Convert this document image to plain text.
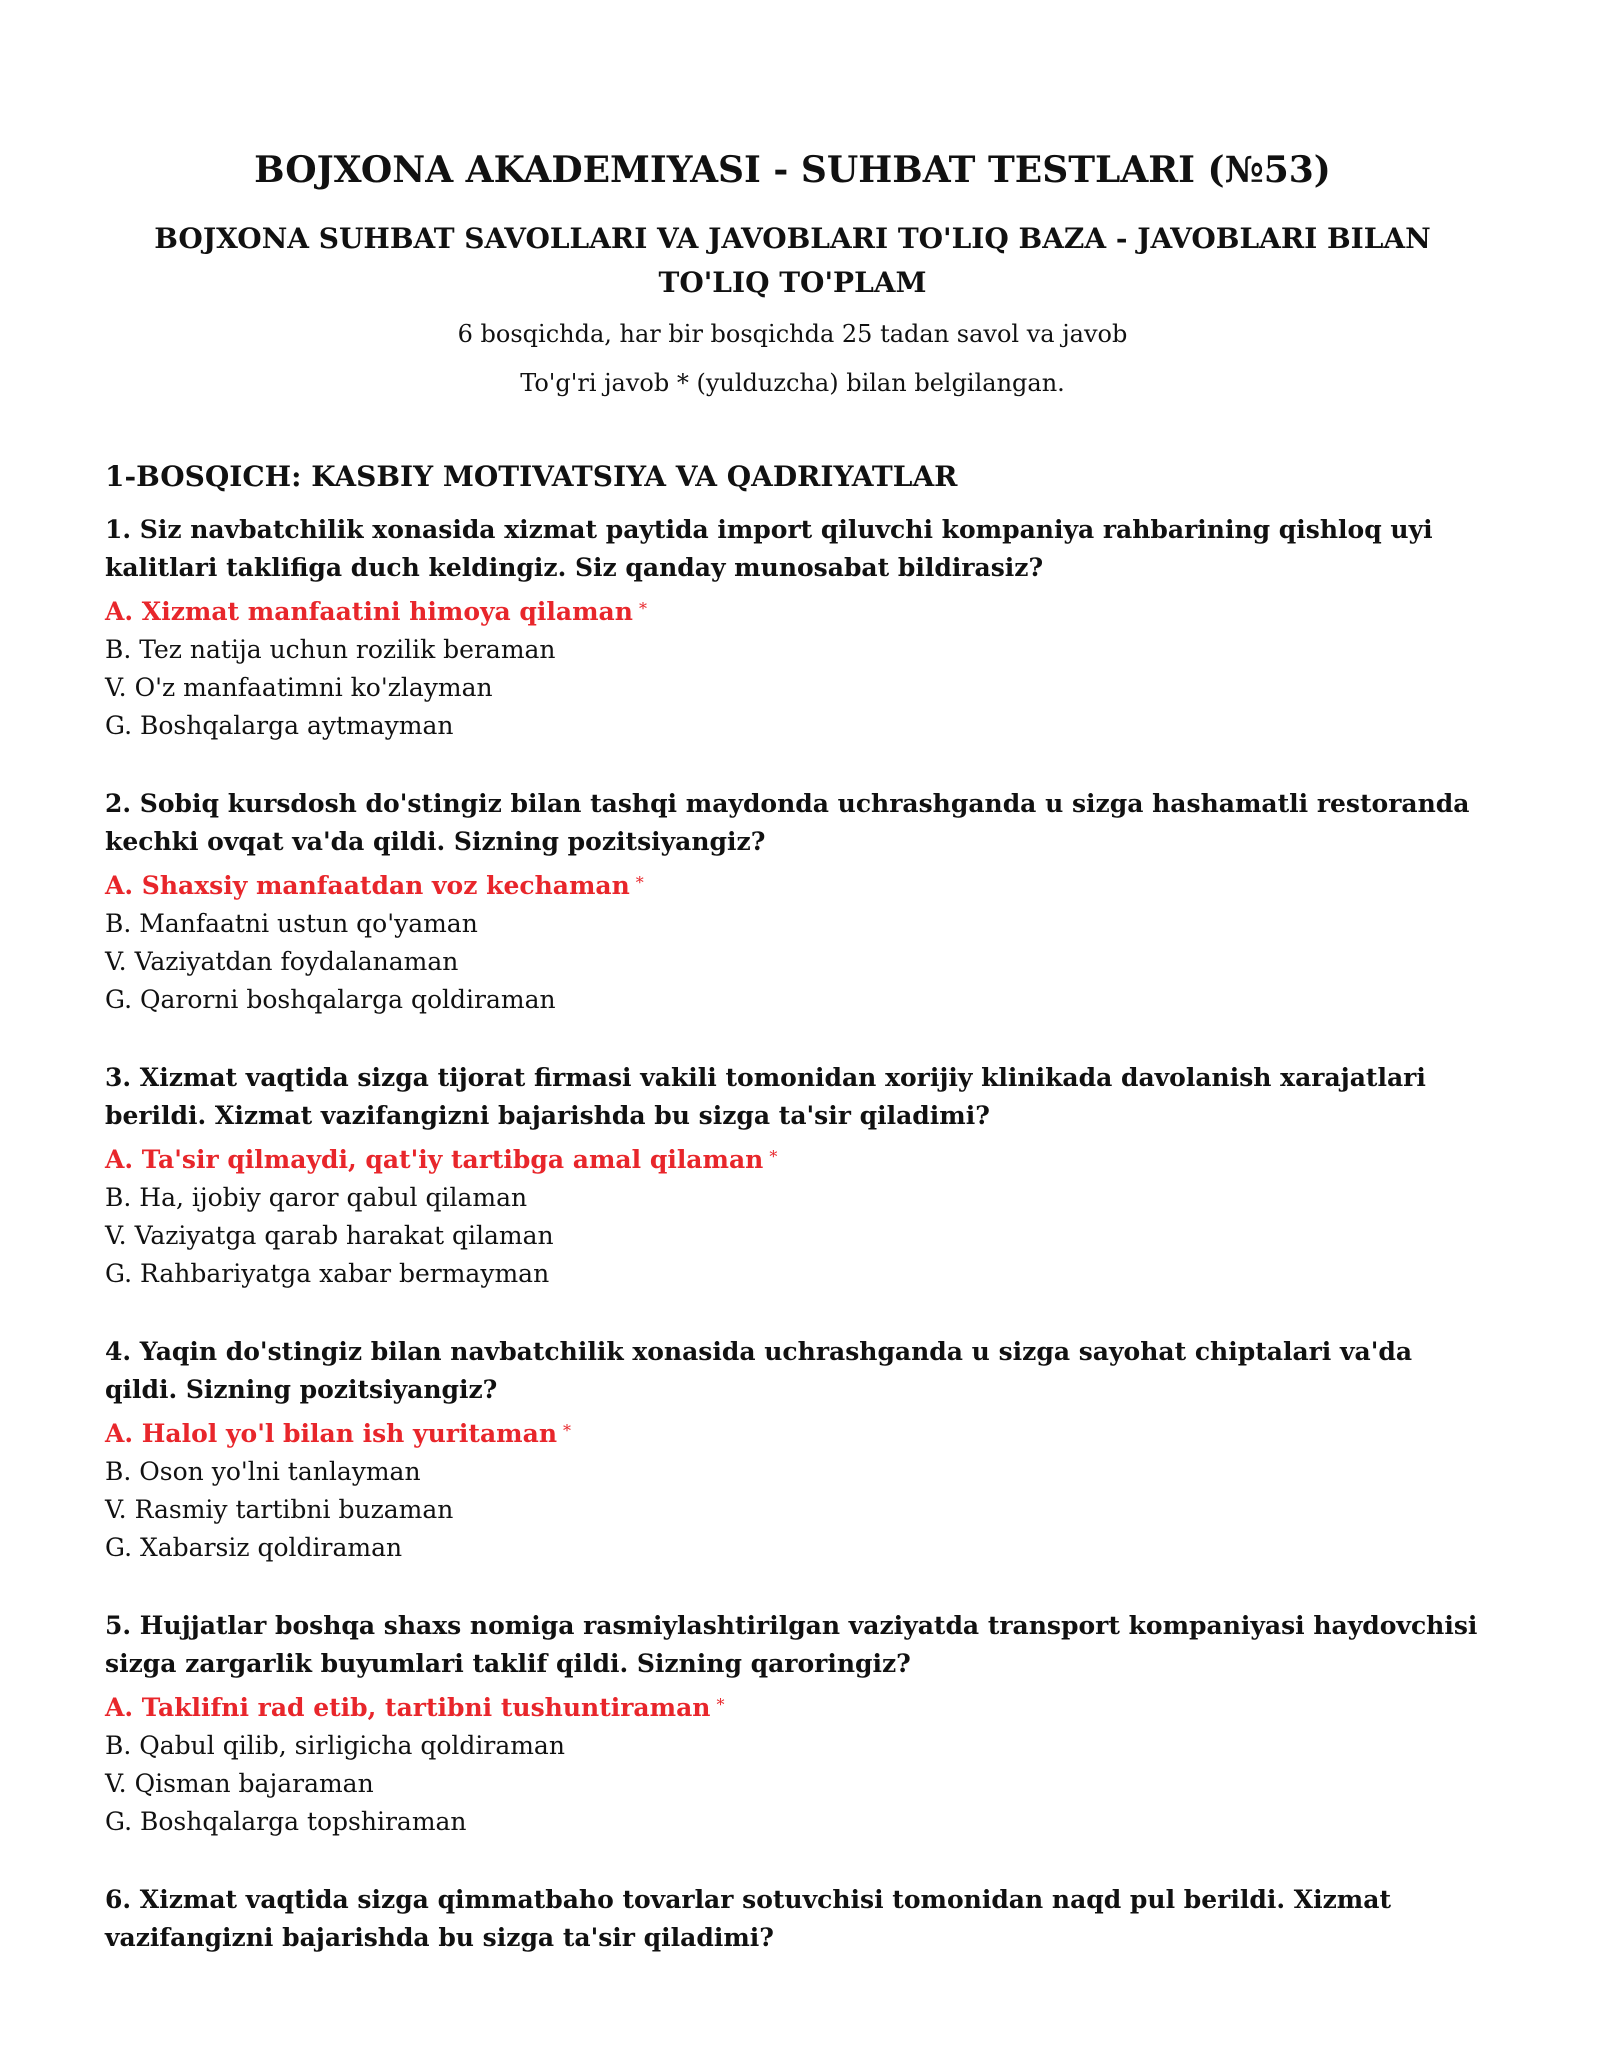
BOJXONA AKADEMIYASI - SUHBAT TESTLARI (№53)
BOJXONA SUHBAT SAVOLLARI VA JAVOBLARI TO'LIQ BAZA - JAVOBLARI BILAN TO'LIQ TO'PLAM

6 bosqichda, har bir bosqichda 25 tadan savol va javob

To'g'ri javob * (yulduzcha) bilan belgilangan.

1-BOSQICH: KASBIY MOTIVATSIYA VA QADRIYATLAR
1. Siz navbatchilik xonasida xizmat paytida import qiluvchi kompaniya rahbarining qishloq uyi kalitlari taklifiga duch keldingiz. Siz qanday munosabat bildirasiz?
A. Xizmat manfaatini himoya qilaman *
B. Tez natija uchun rozilik beraman
V. O'z manfaatimni ko'zlayman
G. Boshqalarga aytmayman
2. Sobiq kursdosh do'stingiz bilan tashqi maydonda uchrashganda u sizga hashamatli restoranda kechki ovqat va'da qildi. Sizning pozitsiyangiz?
A. Shaxsiy manfaatdan voz kechaman *
B. Manfaatni ustun qo'yaman
V. Vaziyatdan foydalanaman
G. Qarorni boshqalarga qoldiraman
3. Xizmat vaqtida sizga tijorat firmasi vakili tomonidan xorijiy klinikada davolanish xarajatlari berildi. Xizmat vazifangizni bajarishda bu sizga ta'sir qiladimi?
A. Ta'sir qilmaydi, qat'iy tartibga amal qilaman *
B. Ha, ijobiy qaror qabul qilaman
V. Vaziyatga qarab harakat qilaman
G. Rahbariyatga xabar bermayman
4. Yaqin do'stingiz bilan navbatchilik xonasida uchrashganda u sizga sayohat chiptalari va'da qildi. Sizning pozitsiyangiz?
A. Halol yo'l bilan ish yuritaman *
B. Oson yo'lni tanlayman
V. Rasmiy tartibni buzaman
G. Xabarsiz qoldiraman
5. Hujjatlar boshqa shaxs nomiga rasmiylashtirilgan vaziyatda transport kompaniyasi haydovchisi sizga zargarlik buyumlari taklif qildi. Sizning qaroringiz?
A. Taklifni rad etib, tartibni tushuntiraman *
B. Qabul qilib, sirligicha qoldiraman
V. Qisman bajaraman
G. Boshqalarga topshiraman
6. Xizmat vaqtida sizga qimmatbaho tovarlar sotuvchisi tomonidan naqd pul berildi. Xizmat vazifangizni bajarishda bu sizga ta'sir qiladimi?
